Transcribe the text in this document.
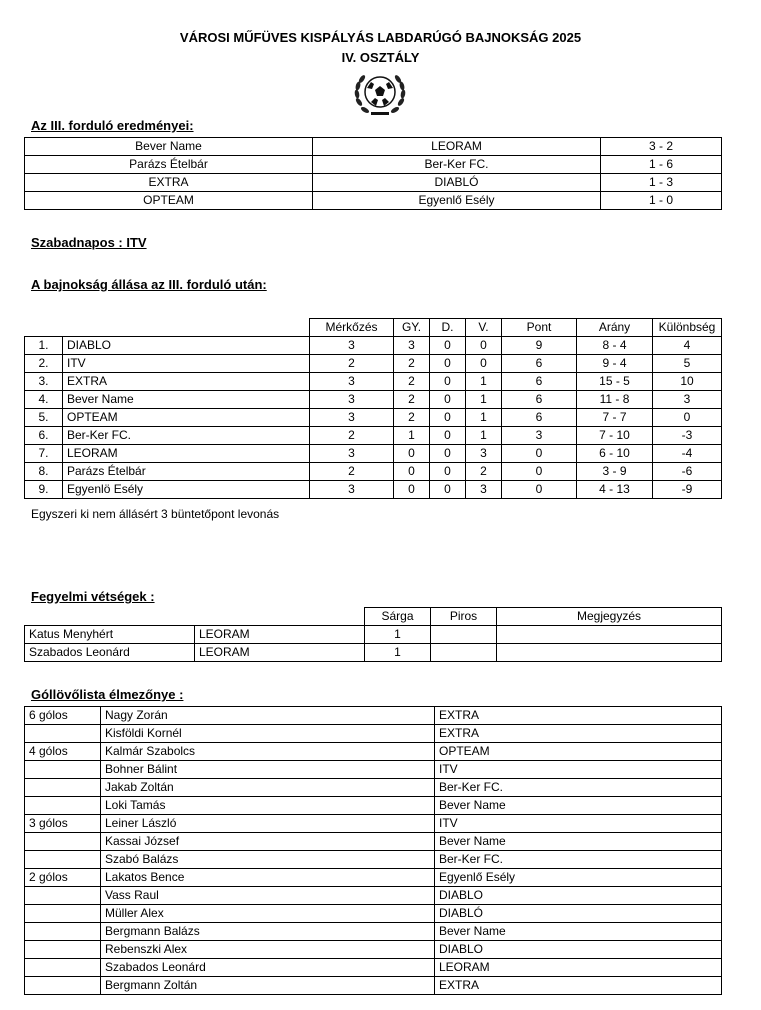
VÁROSI MŰFÜVES KISPÁLYÁS LABDARÚGÓ BAJNOKSÁG 2025
IV. OSZTÁLY
Az III. forduló eredményei:
Bever Name	LEORAM	3 - 2
Parázs Ételbár	Ber-Ker FC.	1 - 6
EXTRA	DIABLÓ	1 - 3
OPTEAM	Egyenlő Esély	1 - 0
Szabadnapos : ITV
A bajnokság állása az III. forduló után:
		Mérkőzés	GY.	D.	V.	Pont	Arány	Különbség
1.	DIABLO	3	3	0	0	9	8 - 4	4
2.	ITV	2	2	0	0	6	9 - 4	5
3.	EXTRA	3	2	0	1	6	15 - 5	10
4.	Bever Name	3	2	0	1	6	11 - 8	3
5.	OPTEAM	3	2	0	1	6	7 - 7	0
6.	Ber-Ker FC.	2	1	0	1	3	7 - 10	-3
7.	LEORAM	3	0	0	3	0	6 - 10	-4
8.	Parázs Ételbár	2	0	0	2	0	3 - 9	-6
9.	Egyenlö Esély	3	0	0	3	0	4 - 13	-9
Egyszeri ki nem állásért 3 büntetőpont levonás
Fegyelmi vétségek :
		Sárga	Piros	Megjegyzés
Katus Menyhért	LEORAM	1		
Szabados Leonárd	LEORAM	1		
Góllövőlista élmezőnye :
6 gólos	Nagy Zorán	EXTRA
	Kisföldi Kornél	EXTRA
4 gólos	Kalmár Szabolcs	OPTEAM
	Bohner Bálint	ITV
	Jakab Zoltán	Ber-Ker FC.
	Loki Tamás	Bever Name
3 gólos	Leiner László	ITV
	Kassai József	Bever Name
	Szabó Balázs	Ber-Ker FC.
2 gólos	Lakatos Bence	Egyenlő Esély
	Vass Raul	DIABLO
	Müller Alex	DIABLÓ
	Bergmann Balázs	Bever Name
	Rebenszki Alex	DIABLO
	Szabados Leonárd	LEORAM
	Bergmann Zoltán	EXTRA
